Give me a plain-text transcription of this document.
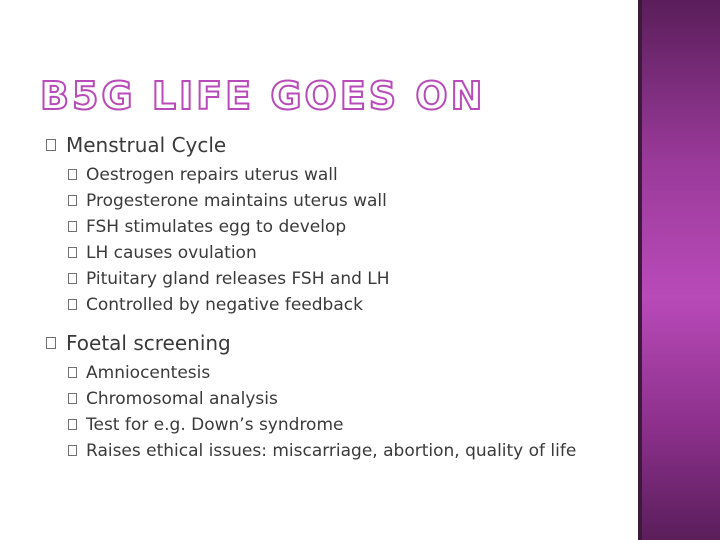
B5G LIFE GOES ON
Menstrual Cycle
Oestrogen repairs uterus wall
Progesterone maintains uterus wall
FSH stimulates egg to develop
LH causes ovulation
Pituitary gland releases FSH and LH
Controlled by negative feedback
Foetal screening
Amniocentesis
Chromosomal analysis
Test for e.g. Down’s syndrome
Raises ethical issues: miscarriage, abortion, quality of life
